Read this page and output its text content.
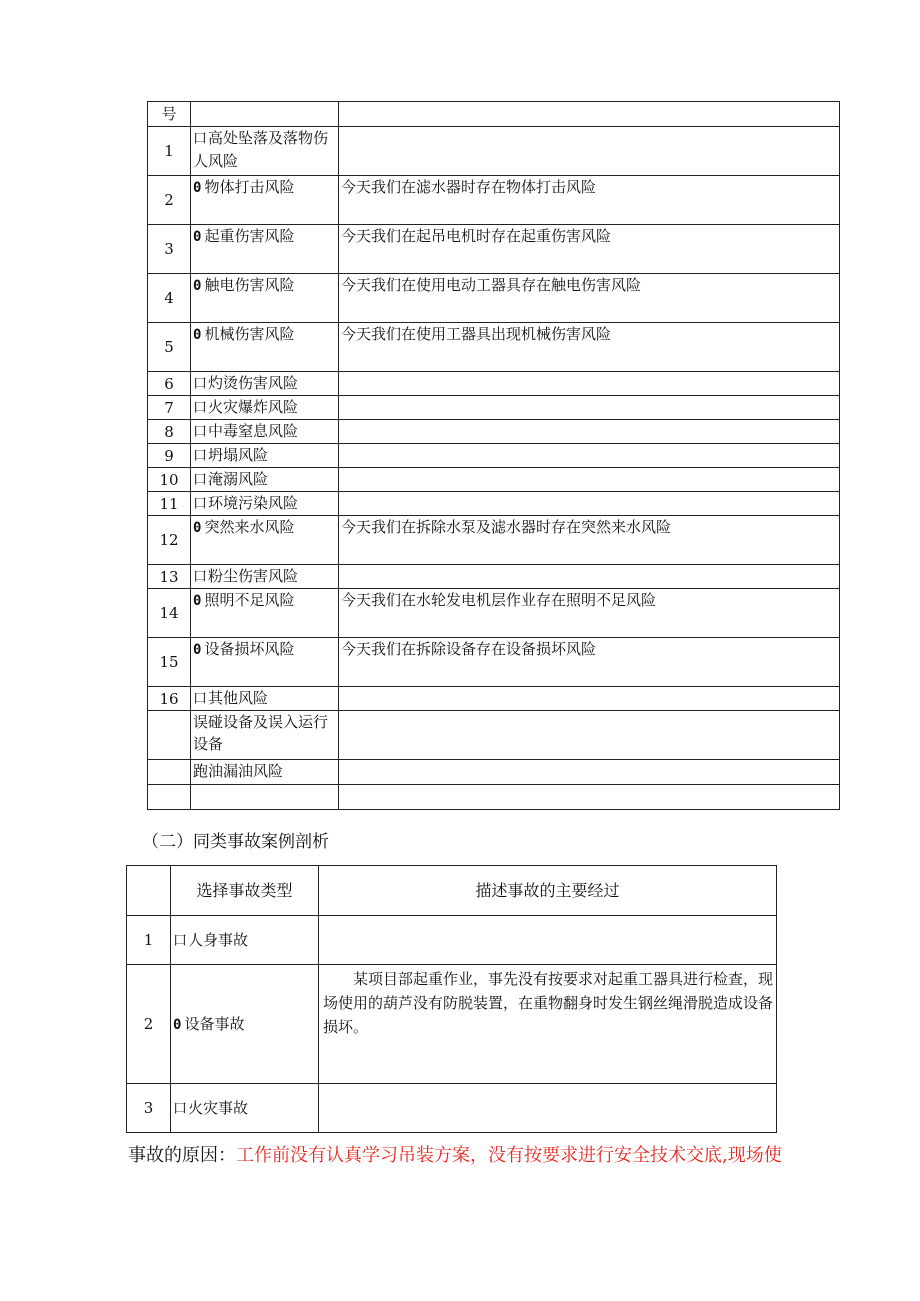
号		
1	口高处坠落及落物伤人风险	
2	0 物体打击风险	今天我们在滤水器时存在物体打击风险
3	0 起重伤害风险	今天我们在起吊电机时存在起重伤害风险
4	0 触电伤害风险	今天我们在使用电动工器具存在触电伤害风险
5	0 机械伤害风险	今天我们在使用工器具出现机械伤害风险
6	口灼烫伤害风险	
7	口火灾爆炸风险	
8	口中毒窒息风险	
9	口坍塌风险	
10	口淹溺风险	
11	口环境污染风险	
12	0 突然来水风险	今天我们在拆除水泵及滤水器时存在突然来水风险
13	口粉尘伤害风险	
14	0 照明不足风险	今天我们在水轮发电机层作业存在照明不足风险
15	0 设备损坏风险	今天我们在拆除设备存在设备损坏风险
16	口其他风险	
	误碰设备及误入运行设备	
	跑油漏油风险	

（二）同类事故案例剖析
	选择事故类型	描述事故的主要经过
1	口人身事故	
2	0 设备事故	某项目部起重作业，事先没有按要求对起重工器具进行检查，现场使用的葫芦没有防脱装置，在重物翻身时发生钢丝绳滑脱造成设备损坏。
3	口火灾事故	
事故的原因：工作前没有认真学习吊装方案，没有按要求进行安全技术交底,现场使
